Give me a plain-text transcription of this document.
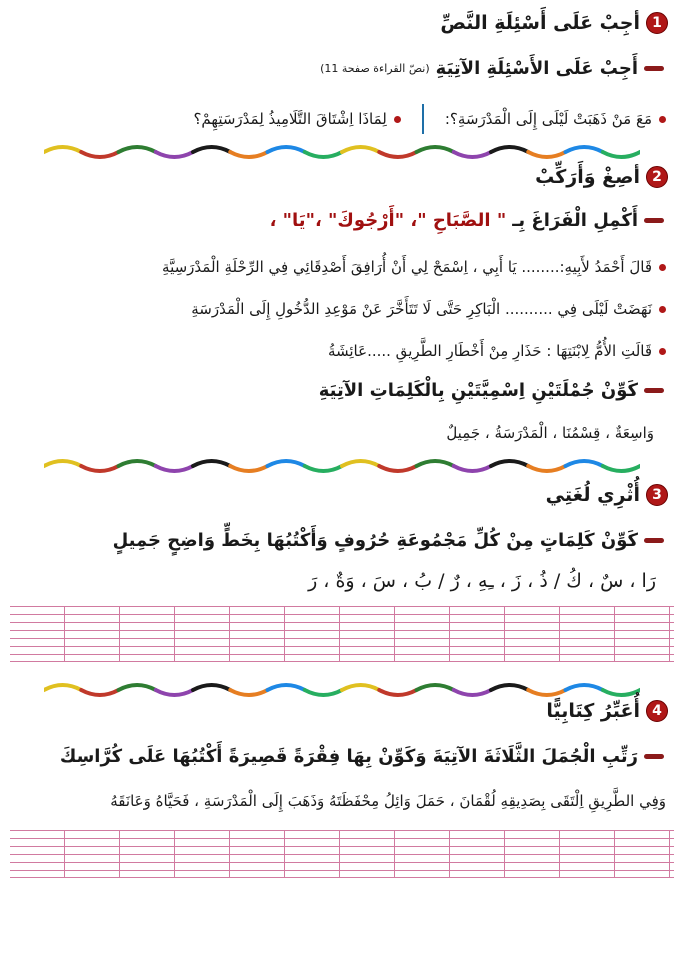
1
أجِبْ عَلَى أَسْئِلَةِ النَّصِّ
أَجِبْ عَلَى الأَسْئِلَةِ الآتِيَةِ
(نصّ القراءة صفحة 11)
مَعَ مَنْ ذَهَبَتْ لَيْلَى إِلَى الْمَدْرَسَةِ؟:
لِمَاذَا اِشْتَاقَ التَّلَامِيذُ لِمَدْرَسَتِهِمْ؟
2
أصِغْ وَأَرَكِّبْ
أَكْمِلِ الْفَرَاغَ بِـ
" الصَّبَاحِ "، "أَرْجُوكَ" ،"يَا" ،
قَالَ أَحْمَدُ لأَبِيهِ:........ يَا أَبِي ، اِسْمَحْ لِي أَنْ أُرَافِقَ أَصْدِقَائِي فِي الرِّحْلَةِ الْمَدْرَسِيَّةِ
نَهَضَتْ لَيْلَى فِي .......... الْبَاكِرِ حَتَّى لَا تَتَأَخَّرَ عَنْ مَوْعِدِ الدُّخُولِ إِلَى الْمَدْرَسَةِ
قَالَتِ الأُمُّ لِابْنَتِهَا : حَذَارِ مِنْ أَخْطَارِ الطَّرِيقِ .....عَائِشَةُ
كَوِّنْ جُمْلَتَيْنِ اِسْمِيَّتَيْنِ بِالْكَلِمَاتِ الآتِيَةِ
وَاسِعَةٌ ، قِسْمُنَا ، الْمَدْرَسَةُ ، جَمِيلٌ
3
أُثْرِي لُغَتِي
كَوِّنْ كَلِمَاتٍ مِنْ كُلِّ مَجْمُوعَةِ حُرُوفٍ وَأَكْتُبُهَا بِخَطٍّ وَاضِحٍ جَمِيلٍ
رَا ، سٌ ، كُ / ذُ ، زَ ، ـِهِ ، رٌ / بُ ، سَ ، وَةٌ ، رَ
4
أُعَبِّرُ كِتَابِيًّا
رَتِّبِ الْجُمَلَ الثَّلَاثَةَ الآتِيَةَ وَكَوِّنْ بِهَا فِقْرَةً قَصِيرَةً أَكْتُبُهَا عَلَى كُرَّاسِكَ
وَفِي الطَّرِيقِ اِلْتَقَى بِصَدِيقِهِ لُقْمَانَ ، حَمَلَ وَائِلُ مِحْفَظَتَهُ وَذَهَبَ إِلَى الْمَدْرَسَةِ ، فَحَيَّاهُ وَعَانَقَهُ
